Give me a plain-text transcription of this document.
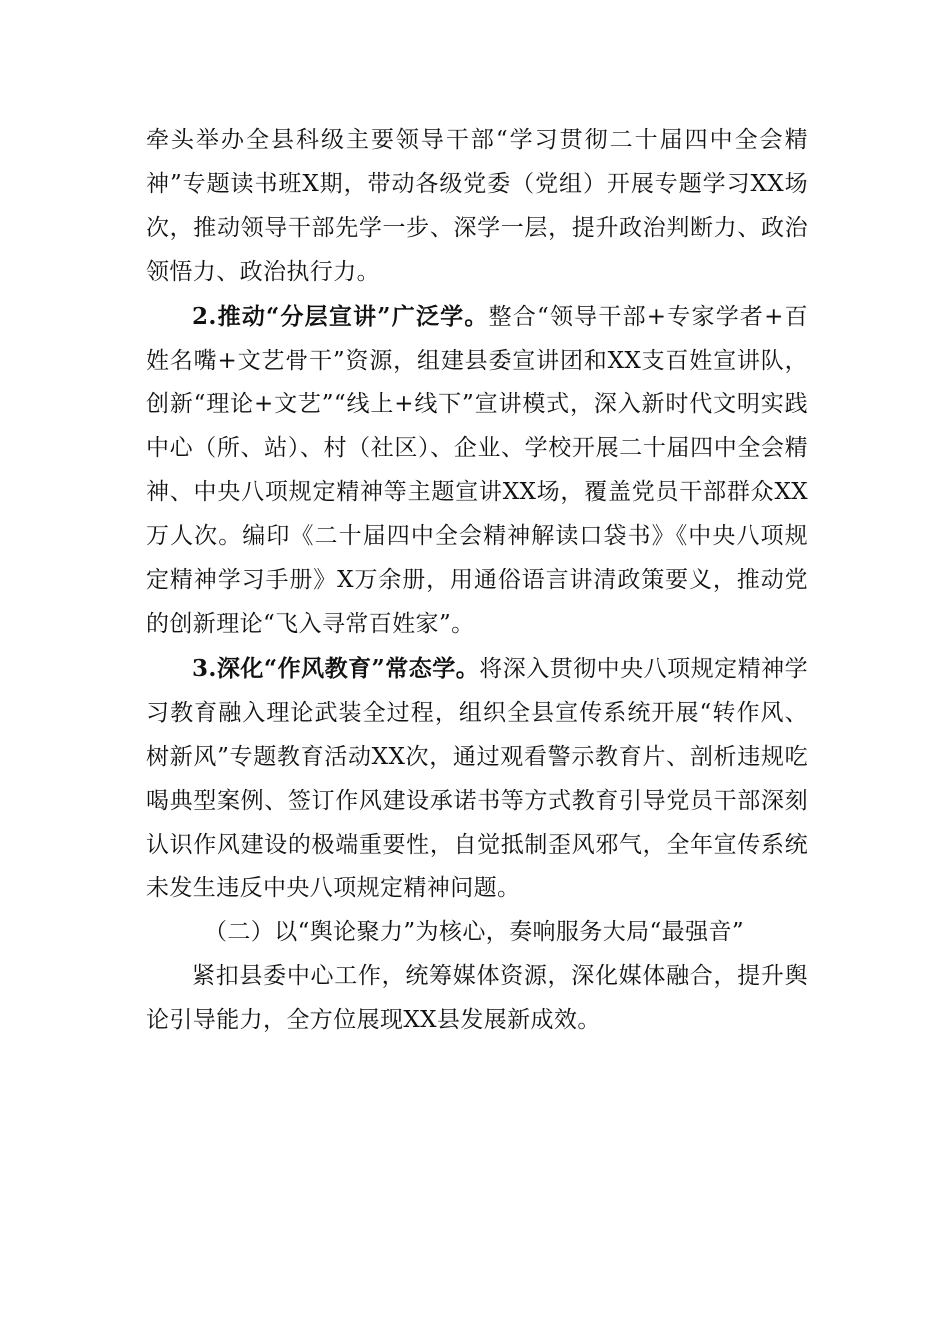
牵头举办全县科级主要领导干部“学习贯彻二十届四中全会精神”专题读书班X期，带动各级党委（党组）开展专题学习XX场次，推动领导干部先学一步、深学一层，提升政治判断力、政治领悟力、政治执行力。

2.推动“分层宣讲”广泛学。整合“领导干部+专家学者+百姓名嘴+文艺骨干”资源，组建县委宣讲团和XX支百姓宣讲队，创新“理论+文艺”“线上+线下”宣讲模式，深入新时代文明实践中心（所、站）、村（社区）、企业、学校开展二十届四中全会精神、中央八项规定精神等主题宣讲XX场，覆盖党员干部群众XX万人次。编印《二十届四中全会精神解读口袋书》《中央八项规定精神学习手册》X万余册，用通俗语言讲清政策要义，推动党的创新理论“飞入寻常百姓家”。

3.深化“作风教育”常态学。将深入贯彻中央八项规定精神学习教育融入理论武装全过程，组织全县宣传系统开展“转作风、树新风”专题教育活动XX次，通过观看警示教育片、剖析违规吃喝典型案例、签订作风建设承诺书等方式教育引导党员干部深刻认识作风建设的极端重要性，自觉抵制歪风邪气，全年宣传系统未发生违反中央八项规定精神问题。

（二）以“舆论聚力”为核心，奏响服务大局“最强音”

紧扣县委中心工作，统筹媒体资源，深化媒体融合，提升舆论引导能力，全方位展现XX县发展新成效。
